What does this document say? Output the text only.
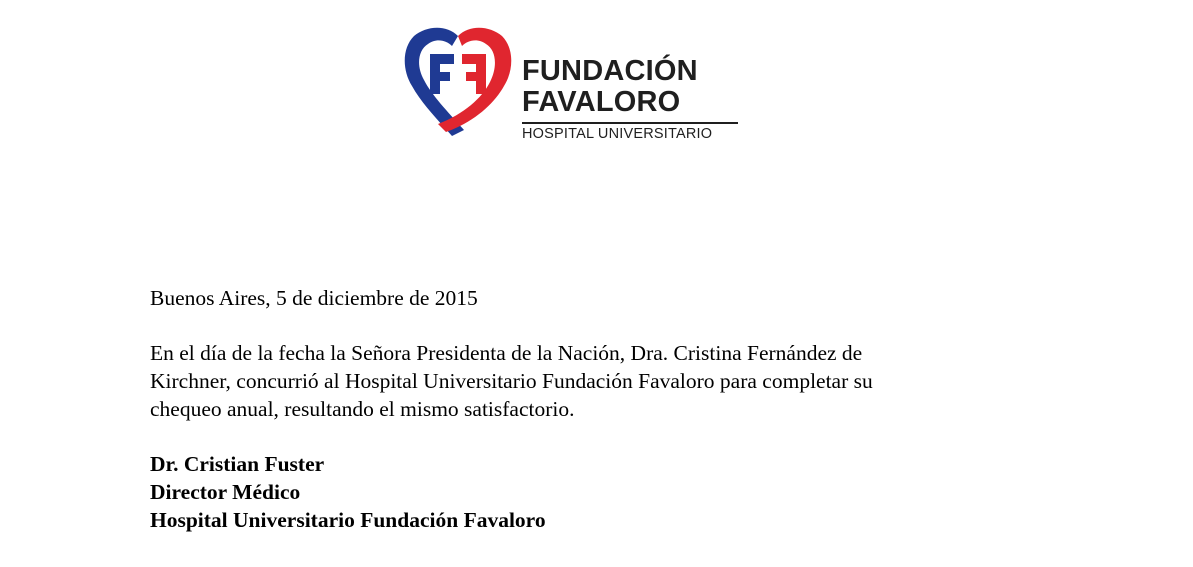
FUNDACIÓN
FAVALORO
HOSPITAL UNIVERSITARIO

Buenos Aires, 5 de diciembre de 2015

En el día de la fecha la Señora Presidenta de la Nación, Dra. Cristina Fernández de
Kirchner, concurrió al Hospital Universitario Fundación Favaloro para completar su
chequeo anual, resultando el mismo satisfactorio.

Dr. Cristian Fuster
Director Médico
Hospital Universitario Fundación Favaloro
